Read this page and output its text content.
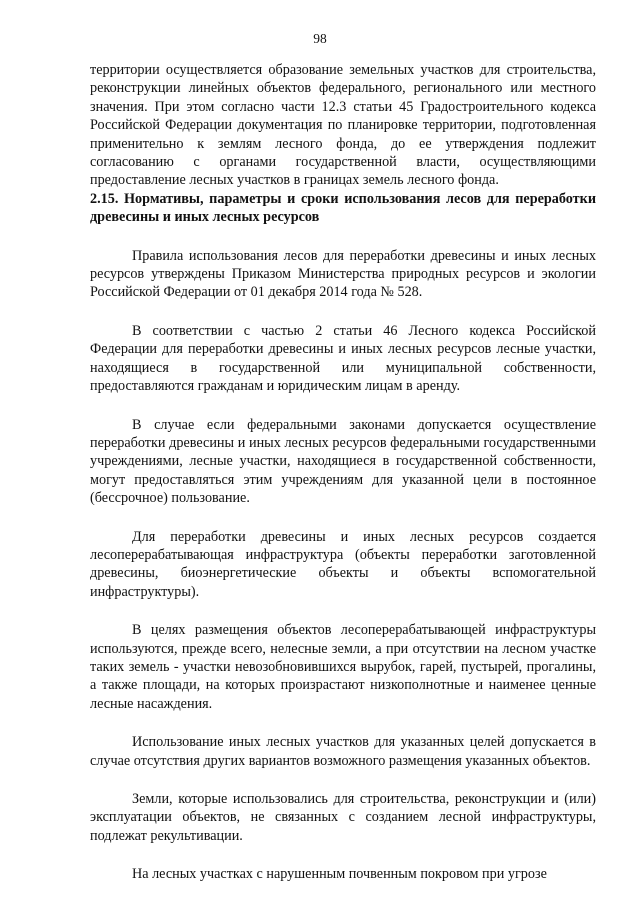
98

территории осуществляется образование земельных участков для строительства, реконструкции линейных объектов федерального, регионального или местного значения. При этом согласно части 12.3 статьи 45 Градостроительного кодекса Российской Федерации документация по планировке территории, подготовленная применительно к землям лесного фонда, до ее утверждения подлежит согласованию с органами государственной власти, осуществляющими предоставление лесных участков в границах земель лесного фонда.

2.15. Нормативы, параметры и сроки использования лесов для переработки древесины и иных лесных ресурсов

Правила использования лесов для переработки древесины и иных лесных ресурсов утверждены Приказом Министерства природных ресурсов и экологии Российской Федерации от 01 декабря 2014 года № 528.

В соответствии с частью 2 статьи 46 Лесного кодекса Российской Федерации для переработки древесины и иных лесных ресурсов лесные участки, находящиеся в государственной или муниципальной собственности, предоставляются гражданам и юридическим лицам в аренду.

В случае если федеральными законами допускается осуществление переработки древесины и иных лесных ресурсов федеральными государственными учреждениями, лесные участки, находящиеся в государственной собственности, могут предоставляться этим учреждениям для указанной цели в постоянное (бессрочное) пользование.

Для переработки древесины и иных лесных ресурсов создается лесоперерабатывающая инфраструктура (объекты переработки заготовленной древесины, биоэнергетические объекты и объекты вспомогательной инфраструктуры).

В целях размещения объектов лесоперерабатывающей инфраструктуры используются, прежде всего, нелесные земли, а при отсутствии на лесном участке таких земель - участки невозобновившихся вырубок, гарей, пустырей, прогалины, а также площади, на которых произрастают низкополнотные и наименее ценные лесные насаждения.

Использование иных лесных участков для указанных целей допускается в случае отсутствия других вариантов возможного размещения указанных объектов.

Земли, которые использовались для строительства, реконструкции и (или) эксплуатации объектов, не связанных с созданием лесной инфраструктуры, подлежат рекультивации.

На лесных участках с нарушенным почвенным покровом при угрозе
